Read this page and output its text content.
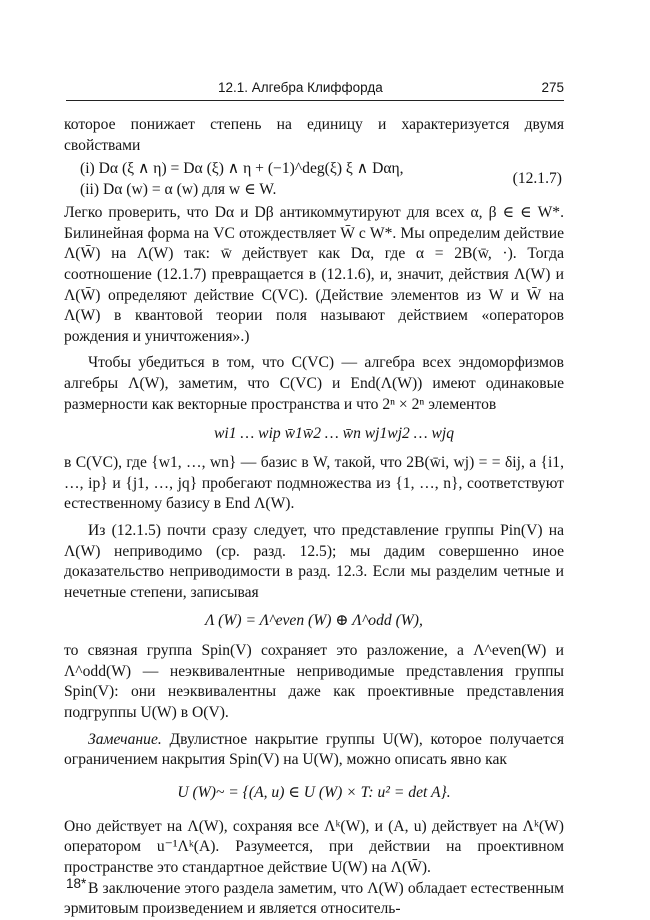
12.1. Алгебра Клиффорда	275

которое понижает степень на единицу и характеризуется двумя свойствами

(i) Dα (ξ ∧ η) = Dα (ξ) ∧ η + (−1)^deg(ξ) ξ ∧ Dαη,
(ii) Dα (w) = α (w) для w ∈ W.
(12.1.7)

Легко проверить, что Dα и Dβ антикоммутируют для всех α, β ∈ ∈ W*. Билинейная форма на VC отождествляет W̄ с W*. Мы определим действие Λ(W̄) на Λ(W) так: w̄ действует как Dα, где α = 2B(w̄, ·). Тогда соотношение (12.1.7) превращается в (12.1.6), и, значит, действия Λ(W) и Λ(W̄) определяют действие C(VC). (Действие элементов из W и W̄ на Λ(W) в квантовой теории поля называют действием «операторов рождения и уничтожения».)

Чтобы убедиться в том, что C(VC) — алгебра всех эндоморфизмов алгебры Λ(W), заметим, что C(VC) и End(Λ(W)) имеют одинаковые размерности как векторные пространства и что 2ⁿ × 2ⁿ элементов

wi1 … wip w̄1w̄2 … w̄n wj1wj2 … wjq

в C(VC), где {w1, …, wn} — базис в W, такой, что 2B(w̄i, wj) = = δij, а {i1, …, ip} и {j1, …, jq} пробегают подмножества из {1, …, n}, соответствуют естественному базису в End Λ(W).

Из (12.1.5) почти сразу следует, что представление группы Pin(V) на Λ(W) неприводимо (ср. разд. 12.5); мы дадим совершенно иное доказательство неприводимости в разд. 12.3. Если мы разделим четные и нечетные степени, записывая

Λ (W) = Λ^even (W) ⊕ Λ^odd (W),

то связная группа Spin(V) сохраняет это разложение, а Λ^even(W) и Λ^odd(W) — неэквивалентные неприводимые представления группы Spin(V): они неэквивалентны даже как проективные представления подгруппы U(W) в O(V).

Замечание. Двулистное накрытие группы U(W), которое получается ограничением накрытия Spin(V) на U(W), можно описать явно как

U (W)~ = {(A, u) ∈ U (W) × T: u² = det A}.

Оно действует на Λ(W), сохраняя все Λᵏ(W), и (A, u) действует на Λᵏ(W) оператором u⁻¹Λᵏ(A). Разумеется, при действии на проективном пространстве это стандартное действие U(W) на Λ(W̄).

В заключение этого раздела заметим, что Λ(W) обладает естественным эрмитовым произведением и является относитель-

18*
